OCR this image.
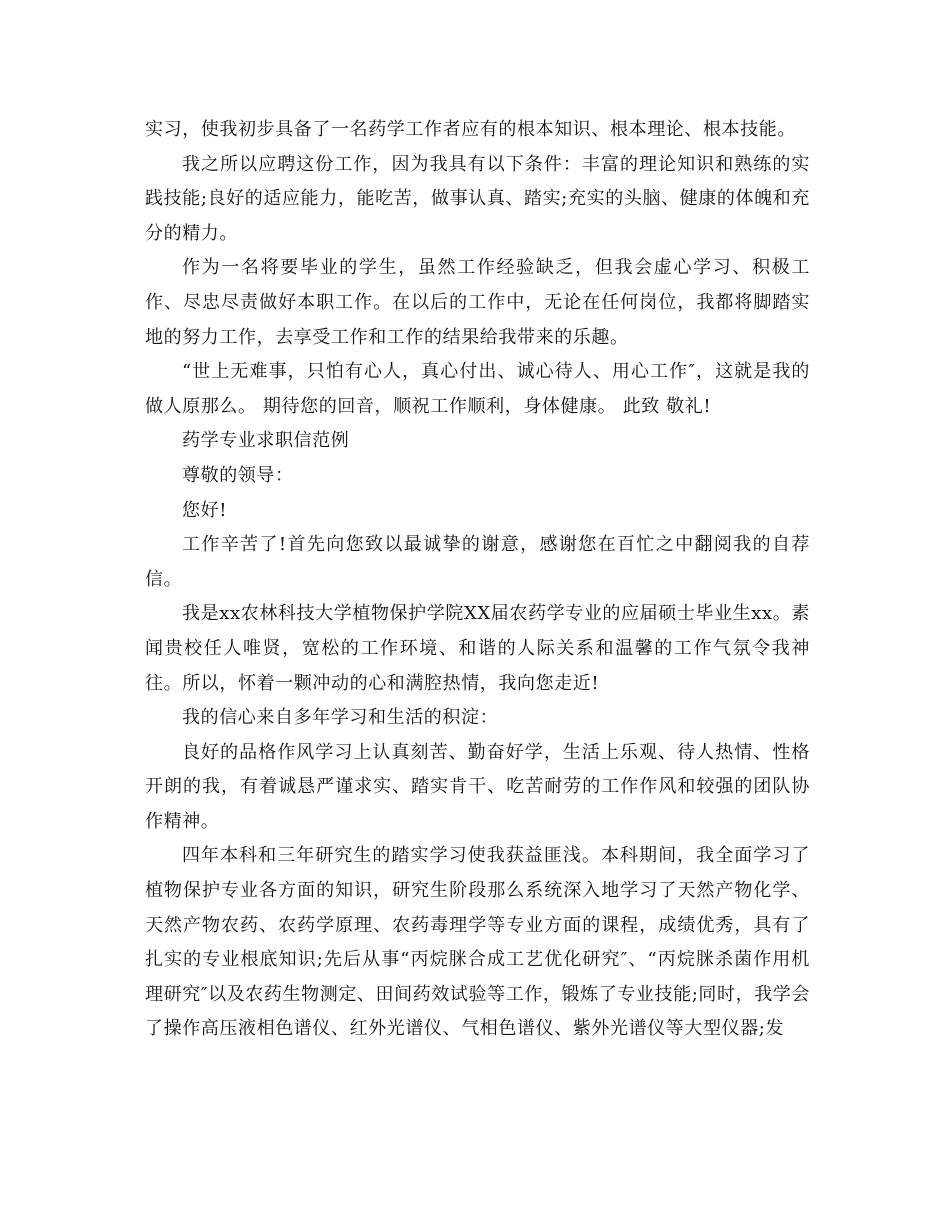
实习，使我初步具备了一名药学工作者应有的根本知识、根本理论、根本技能。

我之所以应聘这份工作，因为我具有以下条件：丰富的理论知识和熟练的实践技能;良好的适应能力，能吃苦，做事认真、踏实;充实的头脑、健康的体魄和充分的精力。

作为一名将要毕业的学生，虽然工作经验缺乏，但我会虚心学习、积极工作、尽忠尽责做好本职工作。在以后的工作中，无论在任何岗位，我都将脚踏实地的努力工作，去享受工作和工作的结果给我带来的乐趣。

“世上无难事，只怕有心人，真心付出、诚心待人、用心工作″，这就是我的做人原那么。 期待您的回音，顺祝工作顺利，身体健康。 此致 敬礼!

药学专业求职信范例

尊敬的领导：

您好!

工作辛苦了!首先向您致以最诚挚的谢意，感谢您在百忙之中翻阅我的自荐信。

我是xx农林科技大学植物保护学院XX届农药学专业的应届硕士毕业生xx。素闻贵校任人唯贤，宽松的工作环境、和谐的人际关系和温馨的工作气氛令我神往。所以，怀着一颗冲动的心和满腔热情，我向您走近!

我的信心来自多年学习和生活的积淀：

良好的品格作风学习上认真刻苦、勤奋好学，生活上乐观、待人热情、性格开朗的我，有着诚恳严谨求实、踏实肯干、吃苦耐劳的工作作风和较强的团队协作精神。

四年本科和三年研究生的踏实学习使我获益匪浅。本科期间，我全面学习了植物保护专业各方面的知识，研究生阶段那么系统深入地学习了天然产物化学、天然产物农药、农药学原理、农药毒理学等专业方面的课程，成绩优秀，具有了扎实的专业根底知识;先后从事“丙烷脒合成工艺优化研究″、“丙烷脒杀菌作用机理研究″以及农药生物测定、田间药效试验等工作，锻炼了专业技能;同时，我学会了操作高压液相色谱仪、红外光谱仪、气相色谱仪、紫外光谱仪等大型仪器;发
